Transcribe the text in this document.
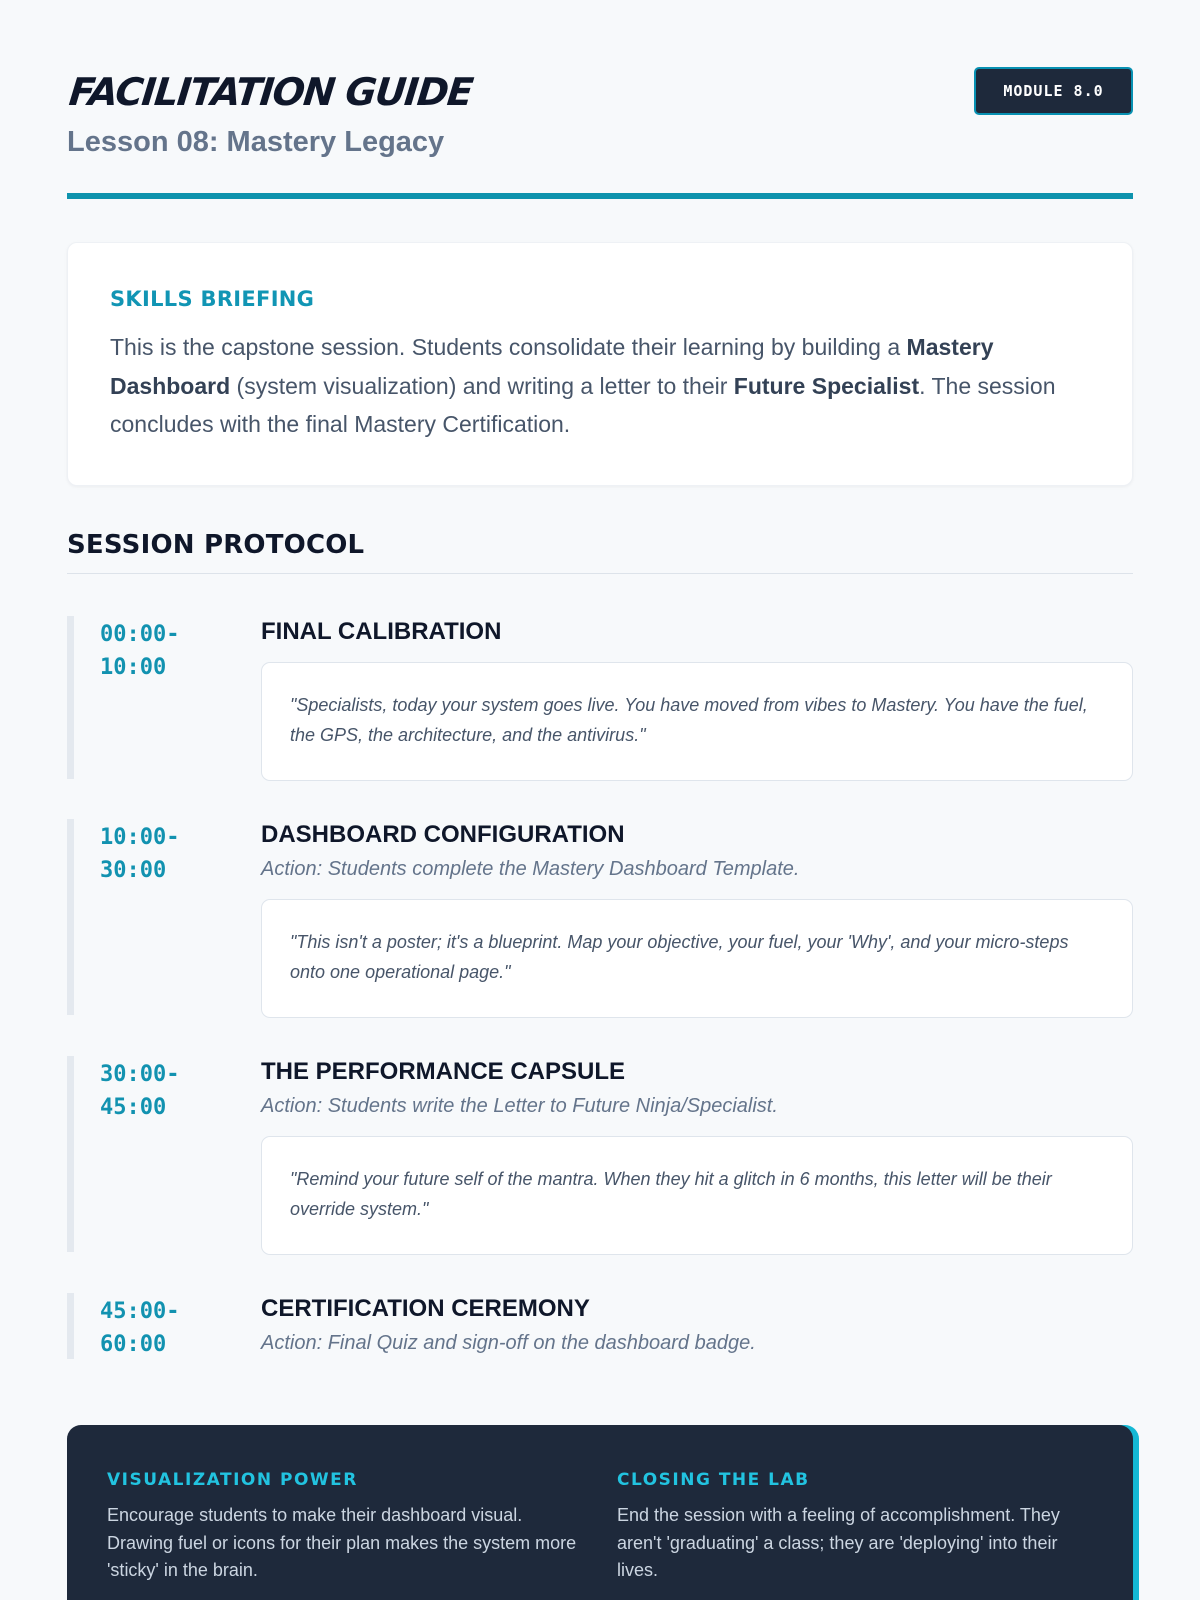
FACILITATION GUIDE
Lesson 08: Mastery Legacy
MODULE 8.0
SKILLS BRIEFING

This is the capstone session. Students consolidate their learning by building a Mastery Dashboard (system visualization) and writing a letter to their Future Specialist. The session concludes with the final Mastery Certification.

SESSION PROTOCOL
00:00-
10:00
FINAL CALIBRATION
"Specialists, today your system goes live. You have moved from vibes to Mastery. You have the fuel, the GPS, the architecture, and the antivirus."
10:00-
30:00
DASHBOARD CONFIGURATION
Action: Students complete the Mastery Dashboard Template.
"This isn't a poster; it's a blueprint. Map your objective, your fuel, your 'Why', and your micro-steps onto one operational page."
30:00-
45:00
THE PERFORMANCE CAPSULE
Action: Students write the Letter to Future Ninja/Specialist.
"Remind your future self of the mantra. When they hit a glitch in 6 months, this letter will be their override system."
45:00-
60:00
CERTIFICATION CEREMONY
Action: Final Quiz and sign-off on the dashboard badge.
VISUALIZATION POWER
Encourage students to make their dashboard visual. Drawing fuel or icons for their plan makes the system more 'sticky' in the brain.
CLOSING THE LAB
End the session with a feeling of accomplishment. They aren't 'graduating' a class; they are 'deploying' into their lives.
